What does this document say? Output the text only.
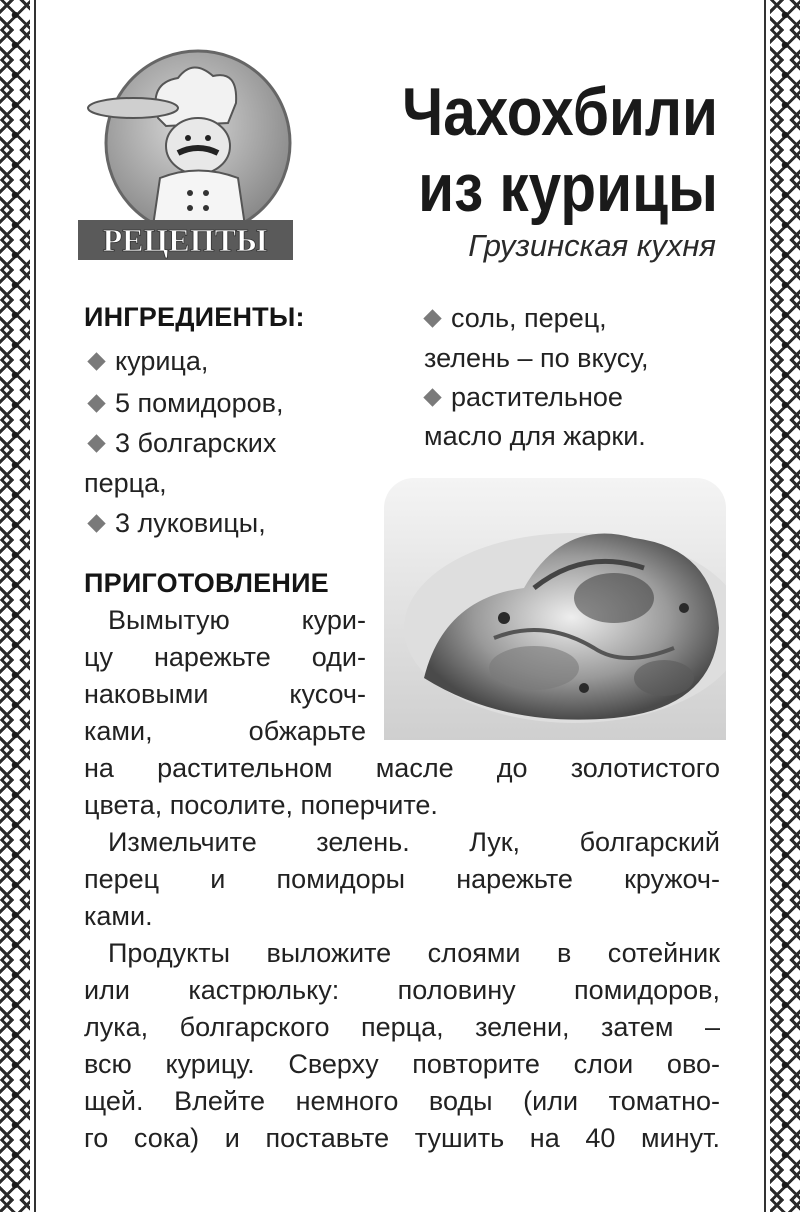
РЕЦЕПТЫ
Чахохбили
из курицы
Грузинская кухня
ИНГРЕДИЕНТЫ:
курица,
5 помидоров,
3 болгарских
перца,
3 луковицы,
соль, перец,
зелень – по вкусу,
растительное
масло для жарки.
ПРИГОТОВЛЕНИЕ

Вымытую кури-
цу нарежьте оди-
наковыми кусоч-
ками, обжарьте

на растительном масле до золотистого
цвета, посолите, поперчите.
Измельчите зелень. Лук, болгарский
перец и помидоры нарежьте кружоч-
ками.
Продукты выложите слоями в сотейник
или кастрюльку: половину помидоров,
лука, болгарского перца, зелени, затем –
всю курицу. Сверху повторите слои ово-
щей. Влейте немного воды (или томатно-
го сока) и поставьте тушить на 40 минут.
